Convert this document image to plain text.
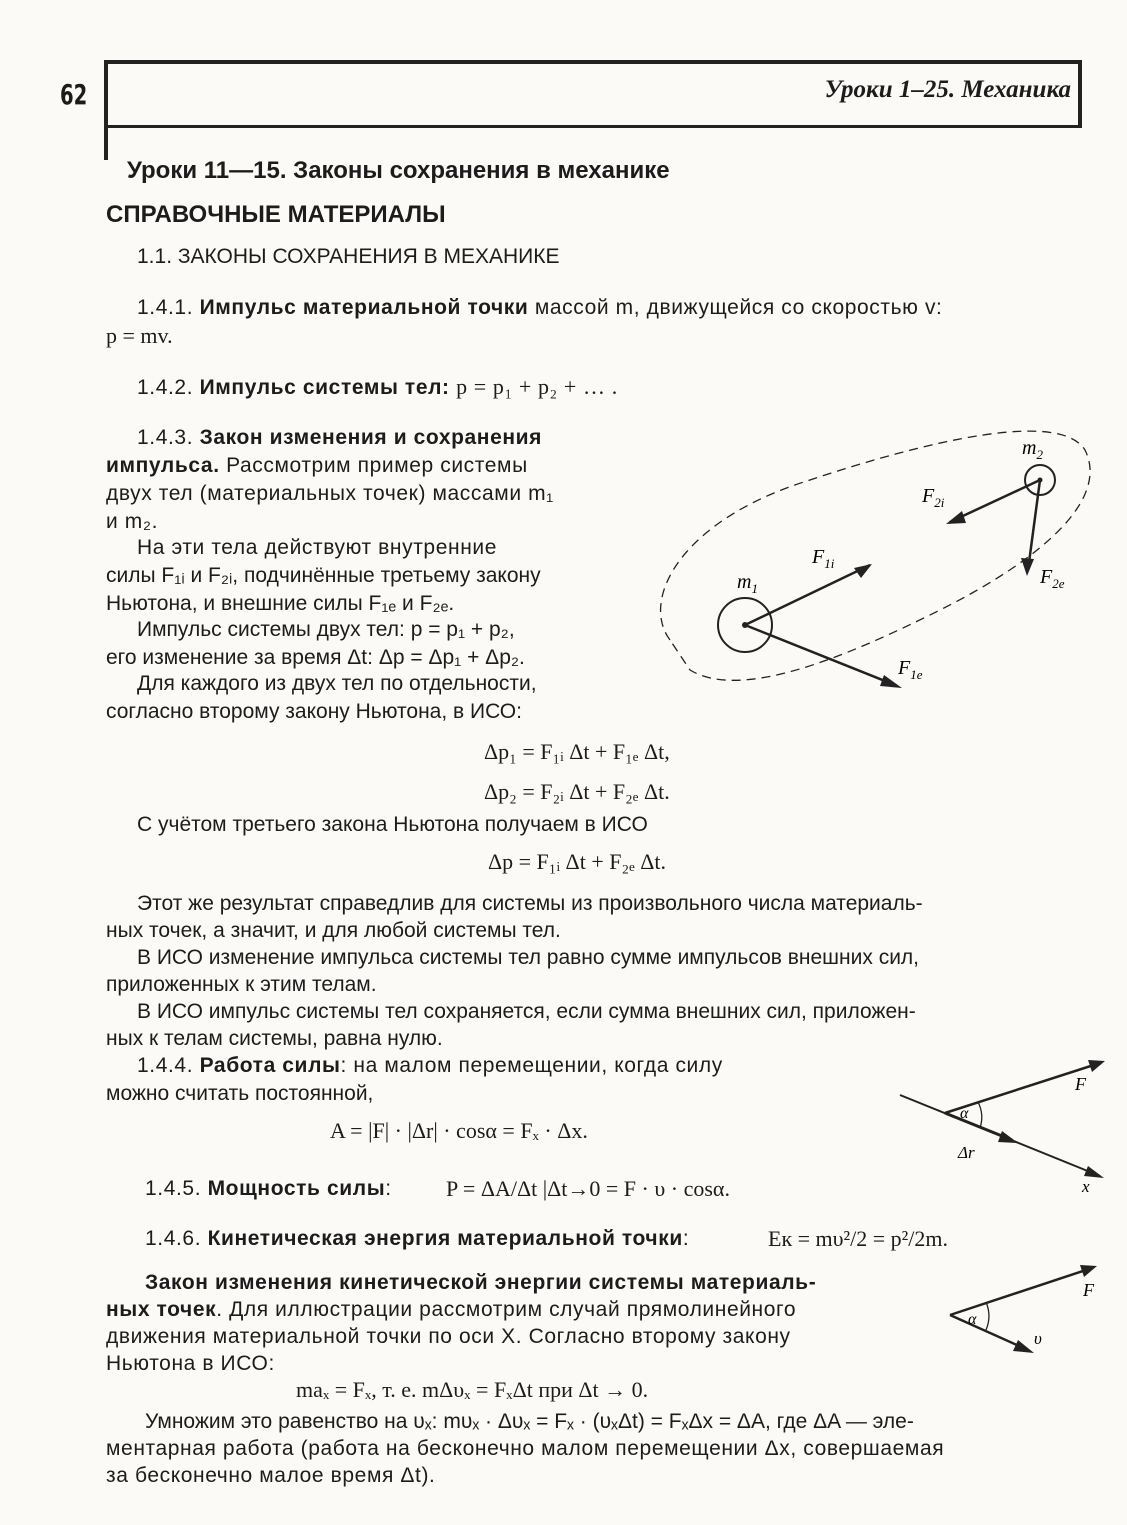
62	Уроки 1–25. Механика
Уроки 11—15. Законы сохранения в механике
СПРАВОЧНЫЕ МАТЕРИАЛЫ
1.1. ЗАКОНЫ СОХРАНЕНИЯ В МЕХАНИКЕ
1.4.1. Импульс материальной точки массой m, движущейся со скоростью v:
p = mv.
1.4.2. Импульс системы тел: p = p₁ + p₂ + … .
1.4.3. Закон изменения и сохранения
импульса. Рассмотрим пример системы
двух тел (материальных точек) массами m₁
и m₂.
На эти тела действуют внутренние
силы F₁ᵢ и F₂ᵢ, подчинённые третьему закону
Ньютона, и внешние силы F₁ₑ и F₂ₑ.
Импульс системы двух тел: p = p₁ + p₂,
его изменение за время Δt: Δp = Δp₁ + Δp₂.
Для каждого из двух тел по отдельности,
согласно второму закону Ньютона, в ИСО:
Δp₁ = F₁ᵢ Δt + F₁ₑ Δt,
Δp₂ = F₂ᵢ Δt + F₂ₑ Δt.
С учётом третьего закона Ньютона получаем в ИСО
Δp = F₁ᵢ Δt + F₂ₑ Δt.
Этот же результат справедлив для системы из произвольного числа материаль-
ных точек, а значит, и для любой системы тел.
В ИСО изменение импульса системы тел равно сумме импульсов внешних сил,
приложенных к этим телам.
В ИСО импульс системы тел сохраняется, если сумма внешних сил, приложен-
ных к телам системы, равна нулю.
$m_2$
$m_1$
$F_{2i}$
$F_{1i}$
$F_{2e}$
$F_{1e}$
1.4.4. Работа силы: на малом перемещении, когда силу
можно считать постоянной,
A = |F| · |Δr| · cosα = Fₓ · Δx.
α
F
Δr
x
1.4.5. Мощность силы: P = ΔA/Δt |Δt→0 = F · υ · cosα.
1.4.6. Кинетическая энергия материальной точки:	Eк = mυ²/2 = p²/2m.
Закон изменения кинетической энергии системы материаль-
ных точек. Для иллюстрации рассмотрим случай прямолинейного
движения материальной точки по оси X. Согласно второму закону
Ньютона в ИСО:
maₓ = Fₓ, т. е. mΔυₓ = FₓΔt при Δt → 0.
Умножим это равенство на υₓ: mυₓ · Δυₓ = Fₓ · (υₓΔt) = FₓΔx = ΔA, где ΔA — эле-
ментарная работа (работа на бесконечно малом перемещении Δx, совершаемая
за бесконечно малое время Δt).
α
F
υ
